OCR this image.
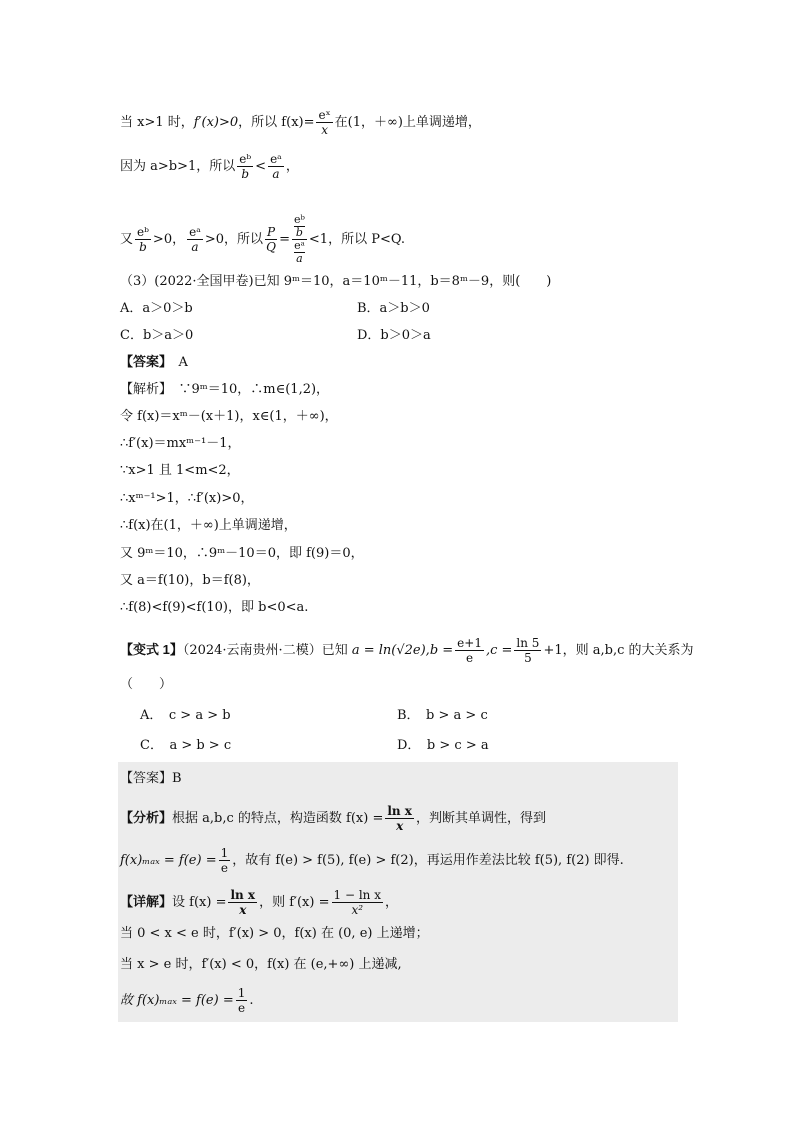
当 x>1 时，f′(x)>0，所以 $f(x)= \frac{\text{eˣ}}{x}$ 在(1，＋∞)上单调递增，
因为 a>b>1，所以 $\frac{\text{eᵇ}}{b} < \frac{\text{eᵃ}}{a}$ ，
又 $\frac{\text{eᵇ}}{b} >0$， $\frac{\text{eᵃ}}{a} >0$，所以 $\frac{P}{Q} = \frac{\frac{\text{eᵇ}}{b}}{\frac{\text{eᵃ}}{a}} <1$，所以 P<Q.
（3）(2022·全国甲卷)已知 9ᵐ＝10，a＝10ᵐ－11，b＝8ᵐ－9，则(　　)
A．a＞0＞b	B．a＞b＞0
C．b＞a＞0	D．b＞0＞a
【答案】　 A
【解析】　∵9ᵐ＝10，∴m∈(1,2)，
令 f(x)＝xᵐ－(x＋1)，x∈(1，＋∞)，
∴f′(x)＝mxᵐ⁻¹－1，
∵x>1 且 1<m<2，
∴xᵐ⁻¹>1，∴f′(x)>0，
∴f(x)在(1，＋∞)上单调递增，
又 9ᵐ＝10，∴9ᵐ－10＝0，即 f(9)＝0，
又 a＝f(10)，b＝f(8)，
∴f(8)<f(9)<f(10)，即 b<0<a.
【变式 1】（2024·云南贵州·二模）已知 $a = \ln(√2e),b = \frac{e+1}{e} ,c = \frac{\ln 5}{5} +1$，则 a,b,c 的大关系为
（　　）
A．　c > a > b	B．　b > a > c
C．　a > b > c	D．　b > c > a
【答案】B
【分析】根据 a,b,c 的特点，构造函数 $f(x) = \frac{\text{ln x}}{x}$ ，判断其单调性，得到
$f(x)_{max} = f(e) = \frac{1}{e}$ ，故有 f(e) > f(5), f(e) > f(2)，再运用作差法比较 f(5), f(2) 即得.
【详解】设 $f(x) = \frac{\text{ln x}}{x}$ ，则 $f'(x) = \frac{\text{1 − ln x}}{\text{x²}}$ ，
当 0 < x < e 时，f′(x) > 0，f(x) 在 (0, e) 上递增；
当 x > e 时，f′(x) < 0，f(x) 在 (e,+∞) 上递减,
故 $f(x)_{max} = f(e) = \frac{1}{e}$ .
